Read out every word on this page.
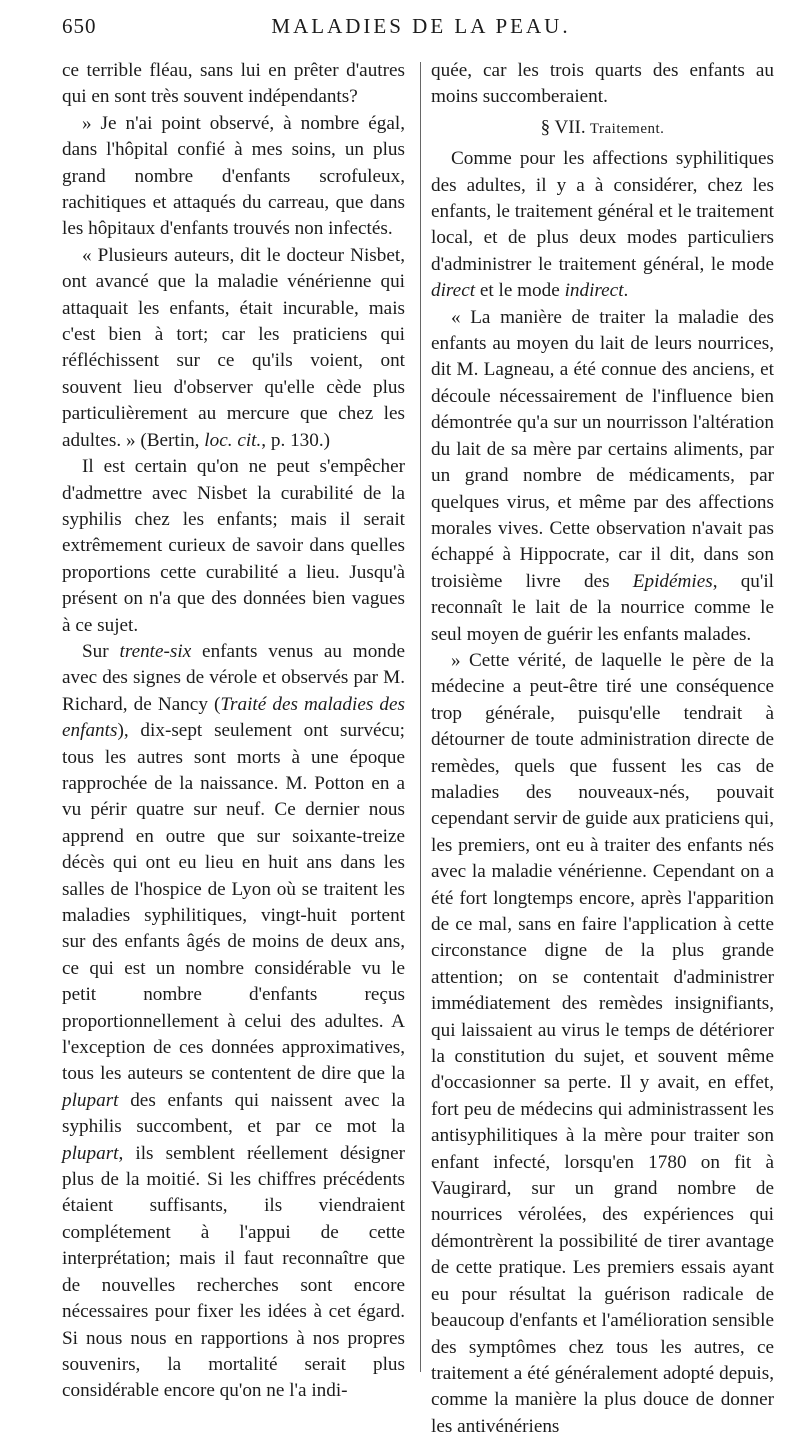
650	MALADIES DE LA PEAU.

ce terrible fléau, sans lui en prêter d'autres qui en sont très souvent indépendants?

» Je n'ai point observé, à nombre égal, dans l'hôpital confié à mes soins, un plus grand nombre d'enfants scrofuleux, rachitiques et attaqués du carreau, que dans les hôpitaux d'enfants trouvés non infectés.

« Plusieurs auteurs, dit le docteur Nisbet, ont avancé que la maladie vénérienne qui attaquait les enfants, était incurable, mais c'est bien à tort; car les praticiens qui réfléchissent sur ce qu'ils voient, ont souvent lieu d'observer qu'elle cède plus particulièrement au mercure que chez les adultes. » (Bertin, loc. cit., p. 130.)

Il est certain qu'on ne peut s'empêcher d'admettre avec Nisbet la curabilité de la syphilis chez les enfants; mais il serait extrêmement curieux de savoir dans quelles proportions cette curabilité a lieu. Jusqu'à présent on n'a que des données bien vagues à ce sujet.

Sur trente-six enfants venus au monde avec des signes de vérole et observés par M. Richard, de Nancy (Traité des maladies des enfants), dix-sept seulement ont survécu; tous les autres sont morts à une époque rapprochée de la naissance. M. Potton en a vu périr quatre sur neuf. Ce dernier nous apprend en outre que sur soixante-treize décès qui ont eu lieu en huit ans dans les salles de l'hospice de Lyon où se traitent les maladies syphilitiques, vingt-huit portent sur des enfants âgés de moins de deux ans, ce qui est un nombre considérable vu le petit nombre d'enfants reçus proportionnellement à celui des adultes. A l'exception de ces données approximatives, tous les auteurs se contentent de dire que la plupart des enfants qui naissent avec la syphilis succombent, et par ce mot la plupart, ils semblent réellement désigner plus de la moitié. Si les chiffres précédents étaient suffisants, ils viendraient complétement à l'appui de cette interprétation; mais il faut reconnaître que de nouvelles recherches sont encore nécessaires pour fixer les idées à cet égard. Si nous nous en rapportions à nos propres souvenirs, la mortalité serait plus considérable encore qu'on ne l'a indi-

quée, car les trois quarts des enfants au moins succomberaient.

§ VII. Traitement.

Comme pour les affections syphilitiques des adultes, il y a à considérer, chez les enfants, le traitement général et le traitement local, et de plus deux modes particuliers d'administrer le traitement général, le mode direct et le mode indirect.

« La manière de traiter la maladie des enfants au moyen du lait de leurs nourrices, dit M. Lagneau, a été connue des anciens, et découle nécessairement de l'influence bien démontrée qu'a sur un nourrisson l'altération du lait de sa mère par certains aliments, par un grand nombre de médicaments, par quelques virus, et même par des affections morales vives. Cette observation n'avait pas échappé à Hippocrate, car il dit, dans son troisième livre des Epidémies, qu'il reconnaît le lait de la nourrice comme le seul moyen de guérir les enfants malades.

» Cette vérité, de laquelle le père de la médecine a peut-être tiré une conséquence trop générale, puisqu'elle tendrait à détourner de toute administration directe de remèdes, quels que fussent les cas de maladies des nouveaux-nés, pouvait cependant servir de guide aux praticiens qui, les premiers, ont eu à traiter des enfants nés avec la maladie vénérienne. Cependant on a été fort longtemps encore, après l'apparition de ce mal, sans en faire l'application à cette circonstance digne de la plus grande attention; on se contentait d'administrer immédiatement des remèdes insignifiants, qui laissaient au virus le temps de détériorer la constitution du sujet, et souvent même d'occasionner sa perte. Il y avait, en effet, fort peu de médecins qui administrassent les antisyphilitiques à la mère pour traiter son enfant infecté, lorsqu'en 1780 on fit à Vaugirard, sur un grand nombre de nourrices vérolées, des expériences qui démontrèrent la possibilité de tirer avantage de cette pratique. Les premiers essais ayant eu pour résultat la guérison radicale de beaucoup d'enfants et l'amélioration sensible des symptômes chez tous les autres, ce traitement a été généralement adopté depuis, comme la manière la plus douce de donner les antivénériens
